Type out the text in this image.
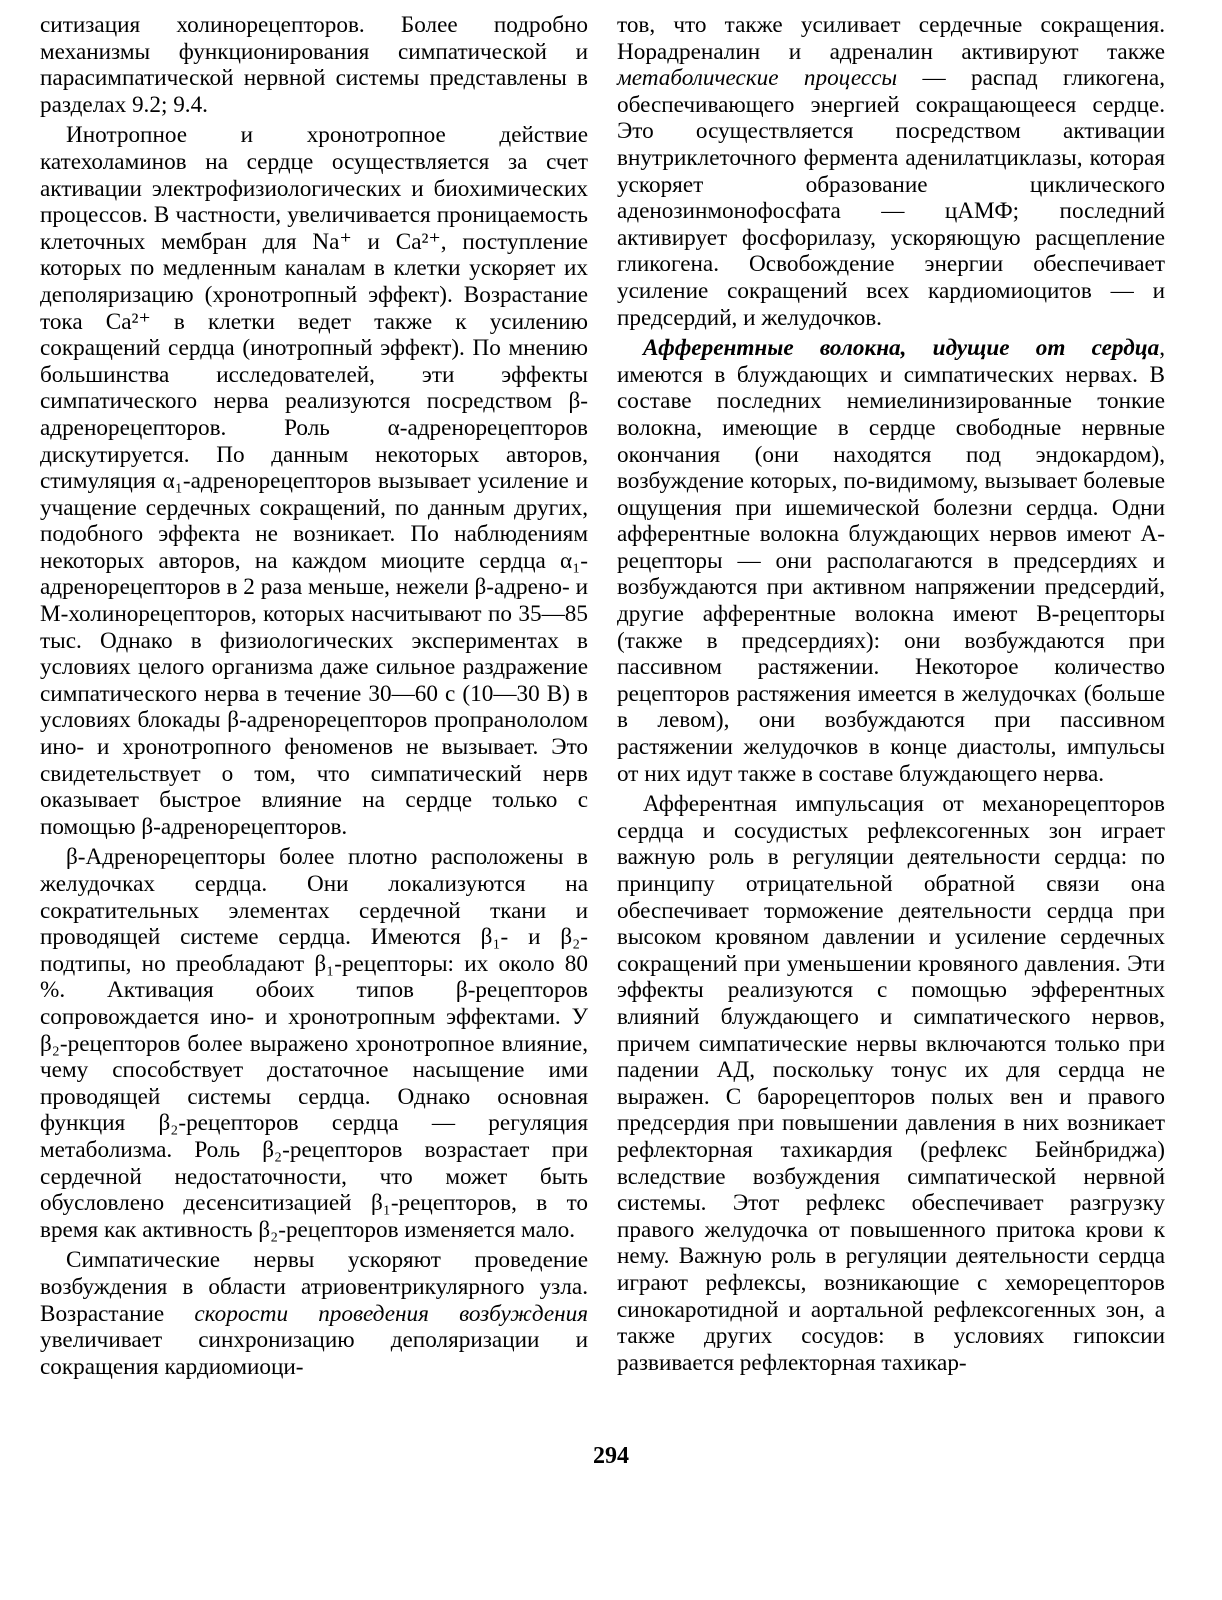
ситизация холинорецепторов. Более подробно механизмы функционирования симпатической и парасимпатической нервной системы представлены в разделах 9.2; 9.4.

Инотропное и хронотропное действие катехоламинов на сердце осуществляется за счет активации электрофизиологических и биохимических процессов. В частности, увеличивается проницаемость клеточных мембран для Na⁺ и Ca²⁺, поступление которых по медленным каналам в клетки ускоряет их деполяризацию (хронотропный эффект). Возрастание тока Ca²⁺ в клетки ведет также к усилению сокращений сердца (инотропный эффект). По мнению большинства исследователей, эти эффекты симпатического нерва реализуются посредством β-адренорецепторов. Роль α-адренорецепторов дискутируется. По данным некоторых авторов, стимуляция α₁-адренорецепторов вызывает усиление и учащение сердечных сокращений, по данным других, подобного эффекта не возникает. По наблюдениям некоторых авторов, на каждом миоците сердца α₁-адренорецепторов в 2 раза меньше, нежели β-адрено- и М-холинорецепторов, которых насчитывают по 35—85 тыс. Однако в физиологических экспериментах в условиях целого организма даже сильное раздражение симпатического нерва в течение 30—60 с (10—30 В) в условиях блокады β-адренорецепторов пропранололом ино- и хронотропного феноменов не вызывает. Это свидетельствует о том, что симпатический нерв оказывает быстрое влияние на сердце только с помощью β-адренорецепторов.

β-Адренорецепторы более плотно расположены в желудочках сердца. Они локализуются на сократительных элементах сердечной ткани и проводящей системе сердца. Имеются β₁- и β₂-подтипы, но преобладают β₁-рецепторы: их около 80 %. Активация обоих типов β-рецепторов сопровождается ино- и хронотропным эффектами. У β₂-рецепторов более выражено хронотропное влияние, чему способствует достаточное насыщение ими проводящей системы сердца. Однако основная функция β₂-рецепторов сердца — регуляция метаболизма. Роль β₂-рецепторов возрастает при сердечной недостаточности, что может быть обусловлено десенситизацией β₁-рецепторов, в то время как активность β₂-рецепторов изменяется мало.

Симпатические нервы ускоряют проведение возбуждения в области атриовентрикулярного узла. Возрастание скорости проведения возбуждения увеличивает синхронизацию деполяризации и сокращения кардиомиоци-

тов, что также усиливает сердечные сокращения. Норадреналин и адреналин активируют также метаболические процессы — распад гликогена, обеспечивающего энергией сокращающееся сердце. Это осуществляется посредством активации внутриклеточного фермента аденилатциклазы, которая ускоряет образование циклического аденозинмонофосфата — цАМФ; последний активирует фосфорилазу, ускоряющую расщепление гликогена. Освобождение энергии обеспечивает усиление сокращений всех кардиомиоцитов — и предсердий, и желудочков.

Афферентные волокна, идущие от сердца, имеются в блуждающих и симпатических нервах. В составе последних немиелинизированные тонкие волокна, имеющие в сердце свободные нервные окончания (они находятся под эндокардом), возбуждение которых, по-видимому, вызывает болевые ощущения при ишемической болезни сердца. Одни афферентные волокна блуждающих нервов имеют А-рецепторы — они располагаются в предсердиях и возбуждаются при активном напряжении предсердий, другие афферентные волокна имеют В-рецепторы (также в предсердиях): они возбуждаются при пассивном растяжении. Некоторое количество рецепторов растяжения имеется в желудочках (больше в левом), они возбуждаются при пассивном растяжении желудочков в конце диастолы, импульсы от них идут также в составе блуждающего нерва.

Афферентная импульсация от механорецепторов сердца и сосудистых рефлексогенных зон играет важную роль в регуляции деятельности сердца: по принципу отрицательной обратной связи она обеспечивает торможение деятельности сердца при высоком кровяном давлении и усиление сердечных сокращений при уменьшении кровяного давления. Эти эффекты реализуются с помощью эфферентных влияний блуждающего и симпатического нервов, причем симпатические нервы включаются только при падении АД, поскольку тонус их для сердца не выражен. С барорецепторов полых вен и правого предсердия при повышении давления в них возникает рефлекторная тахикардия (рефлекс Бейнбриджа) вследствие возбуждения симпатической нервной системы. Этот рефлекс обеспечивает разгрузку правого желудочка от повышенного притока крови к нему. Важную роль в регуляции деятельности сердца играют рефлексы, возникающие с хеморецепторов синокаротидной и аортальной рефлексогенных зон, а также других сосудов: в условиях гипоксии развивается рефлекторная тахикар-

294
